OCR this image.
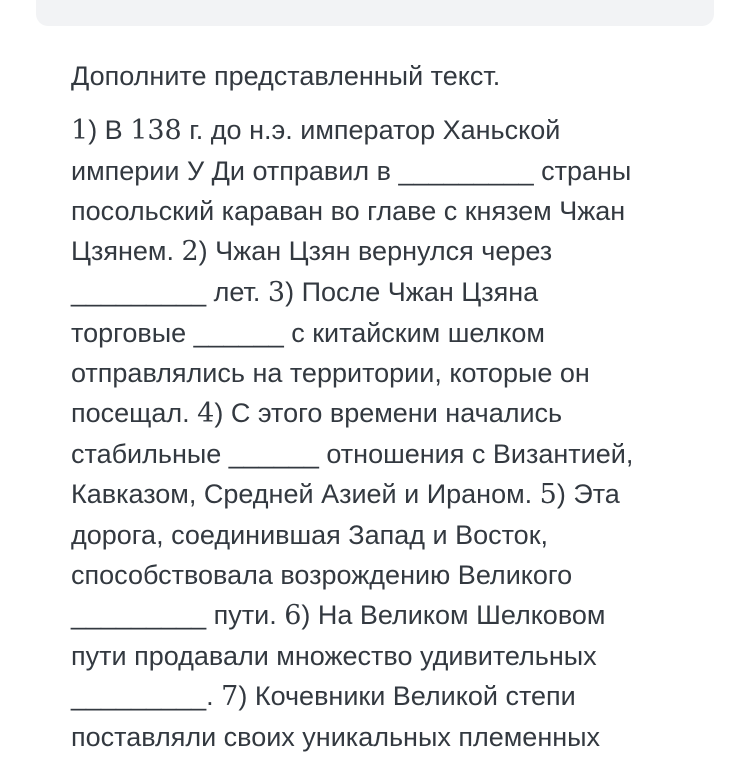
Дополните представленный текст.

1) В 138 г. до н.э. император Ханьской
империи У Ди отправил в _________ страны
посольский караван во главе с князем Чжан
Цзянем. 2) Чжан Цзян вернулся через
_________ лет. 3) После Чжан Цзяна
торговые ______ с китайским шелком
отправлялись на территории, которые он
посещал. 4) С этого времени начались
стабильные ______ отношения с Византией,
Кавказом, Средней Азией и Ираном. 5) Эта
дорога, соединившая Запад и Восток,
способствовала возрождению Великого
_________ пути. 6) На Великом Шелковом
пути продавали множество удивительных
_________. 7) Кочевники Великой степи
поставляли своих уникальных племенных
